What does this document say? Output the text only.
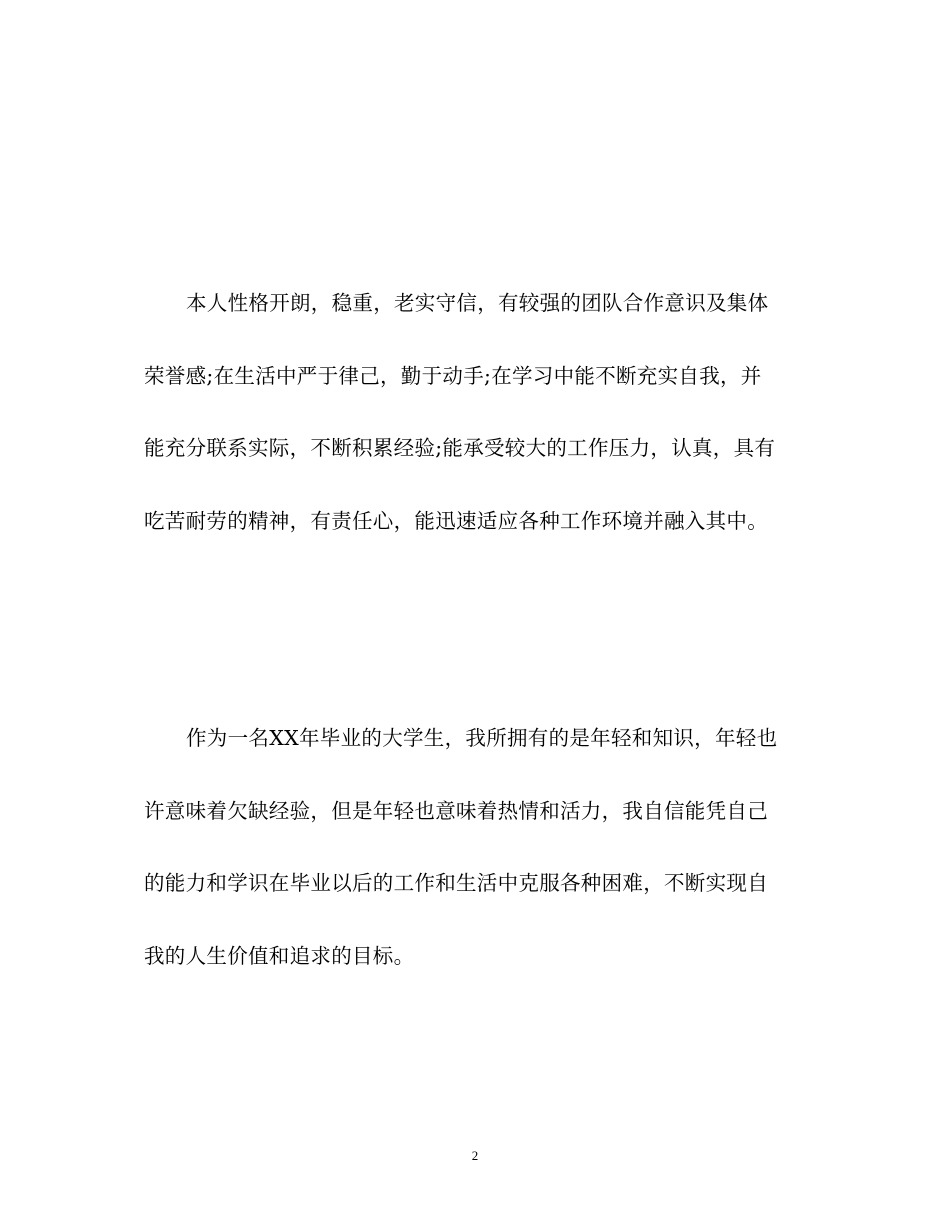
本人性格开朗，稳重，老实守信，有较强的团队合作意识及集体
荣誉感;在生活中严于律己，勤于动手;在学习中能不断充实自我，并
能充分联系实际，不断积累经验;能承受较大的工作压力，认真，具有
吃苦耐劳的精神，有责任心，能迅速适应各种工作环境并融入其中。
作为一名XX年毕业的大学生，我所拥有的是年轻和知识，年轻也
许意味着欠缺经验，但是年轻也意味着热情和活力，我自信能凭自己
的能力和学识在毕业以后的工作和生活中克服各种困难，不断实现自
我的人生价值和追求的目标。
2
